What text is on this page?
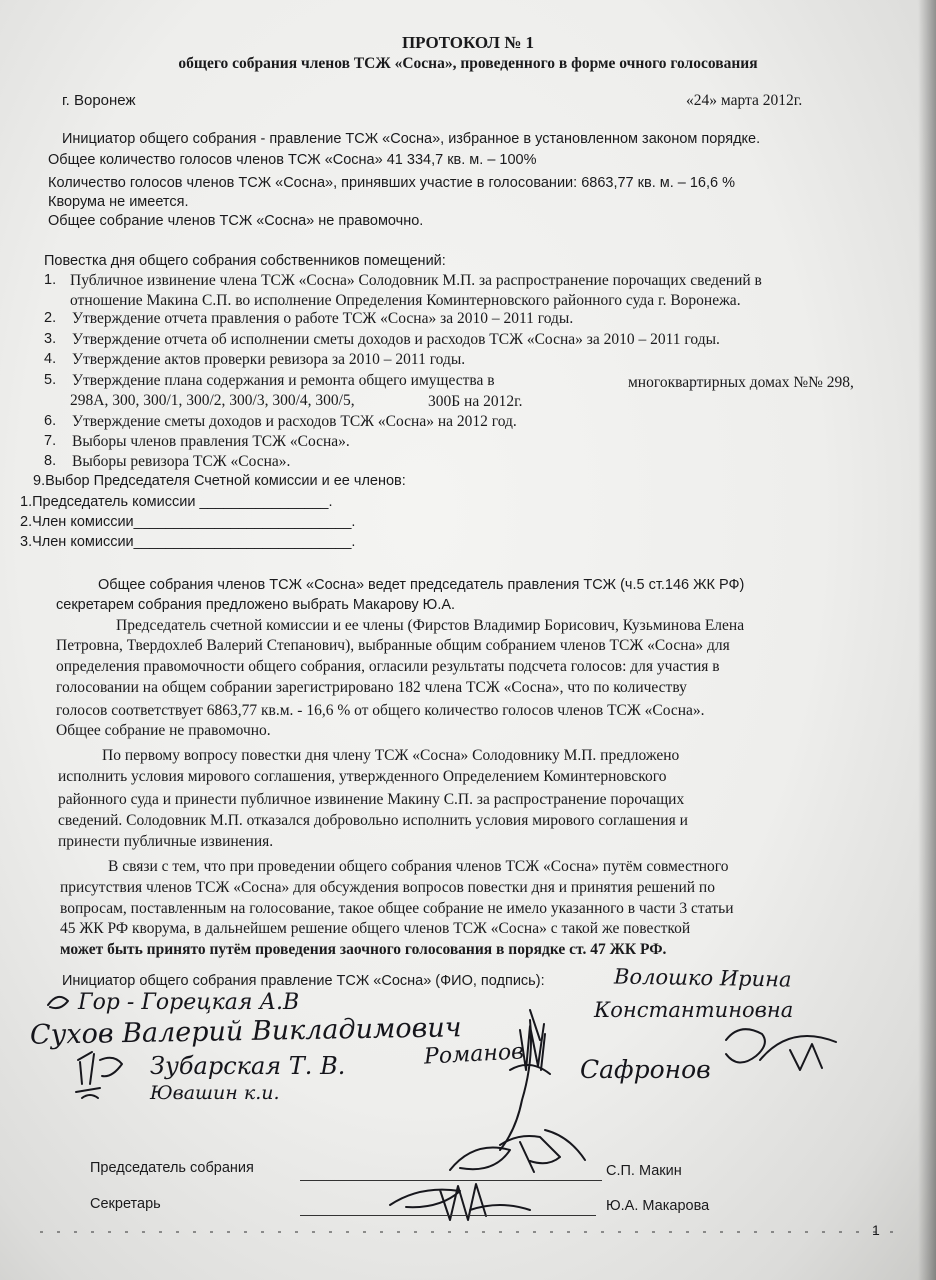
ПРОТОКОЛ № 1
общего собрания членов ТСЖ «Сосна», проведенного в форме очного голосования
г. Воронеж	«24» марта 2012г.
Инициатор общего собрания - правление ТСЖ «Сосна», избранное в установленном законом порядке.
Общее количество голосов членов ТСЖ «Сосна» 41 334,7 кв. м. – 100%
Количество голосов членов ТСЖ «Сосна», принявших участие в голосовании: 6863,77 кв. м. – 16,6 %
Кворума не имеется.
Общее собрание членов ТСЖ «Сосна» не правомочно.
Повестка дня общего собрания собственников помещений:
1. Публичное извинение члена ТСЖ «Сосна» Солодовник М.П. за распространение порочащих сведений в
отношение Макина С.П. во исполнение Определения Коминтерновского районного суда г. Воронежа.
2. Утверждение отчета правления о работе ТСЖ «Сосна» за 2010 – 2011 годы.
3. Утверждение отчета об исполнении сметы доходов и расходов ТСЖ «Сосна» за 2010 – 2011 годы.
4. Утверждение актов проверки ревизора за 2010 – 2011 годы.
5. Утверждение плана содержания и ремонта общего имущества в	многоквартирных домах №№ 298,
298А, 300, 300/1, 300/2, 300/3, 300/4, 300/5,	300Б на 2012г.
6. Утверждение сметы доходов и расходов ТСЖ «Сосна» на 2012 год.
7. Выборы членов правления ТСЖ «Сосна».
8. Выборы ревизора ТСЖ «Сосна».
9.Выбор Председателя Счетной комиссии и ее членов:
1.Председатель комиссии ________________.
2.Член комиссии___________________________.
3.Член комиссии___________________________.
Общее собрания членов ТСЖ «Сосна» ведет председатель правления ТСЖ (ч.5 ст.146 ЖК РФ)
секретарем собрания предложено выбрать Макарову Ю.А.
Председатель счетной комиссии и ее члены (Фирстов Владимир Борисович, Кузьминова Елена
Петровна, Твердохлеб Валерий Степанович), выбранные общим собранием членов ТСЖ «Сосна» для
определения правомочности общего собрания, огласили результаты подсчета голосов: для участия в
голосовании на общем собрании зарегистрировано 182 члена ТСЖ «Сосна», что по количеству
голосов соответствует 6863,77 кв.м. - 16,6 % от общего количество голосов членов ТСЖ «Сосна».
Общее собрание не правомочно.
По первому вопросу повестки дня члену ТСЖ «Сосна» Солодовнику М.П. предложено
исполнить условия мирового соглашения, утвержденного Определением Коминтерновского
районного суда и принести публичное извинение Макину С.П. за распространение порочащих
сведений. Солодовник М.П. отказался добровольно исполнить условия мирового соглашения и
принести публичные извинения.
В связи с тем, что при проведении общего собрания членов ТСЖ «Сосна» путём совместного
присутствия членов ТСЖ «Сосна» для обсуждения вопросов повестки дня и принятия решений по
вопросам, поставленным на голосование, такое общее собрание не имело указанного в части 3 статьи
45 ЖК РФ кворума, в дальнейшем решение общего членов ТСЖ «Сосна» с такой же повесткой
может быть принято путём проведения заочного голосования в порядке ст. 47 ЖК РФ.
Инициатор общего собрания правление ТСЖ «Сосна» (ФИО, подпись):	Волошко Ирина
Константиновна
Гор - Горецкая А.В
Сухов Валерий Викладимович
Зубарская Т. В.	Романов Сафронов
Ювашин к.и.
Председатель собрания	С.П. Макин
Секретарь	Ю.А. Макарова
1
